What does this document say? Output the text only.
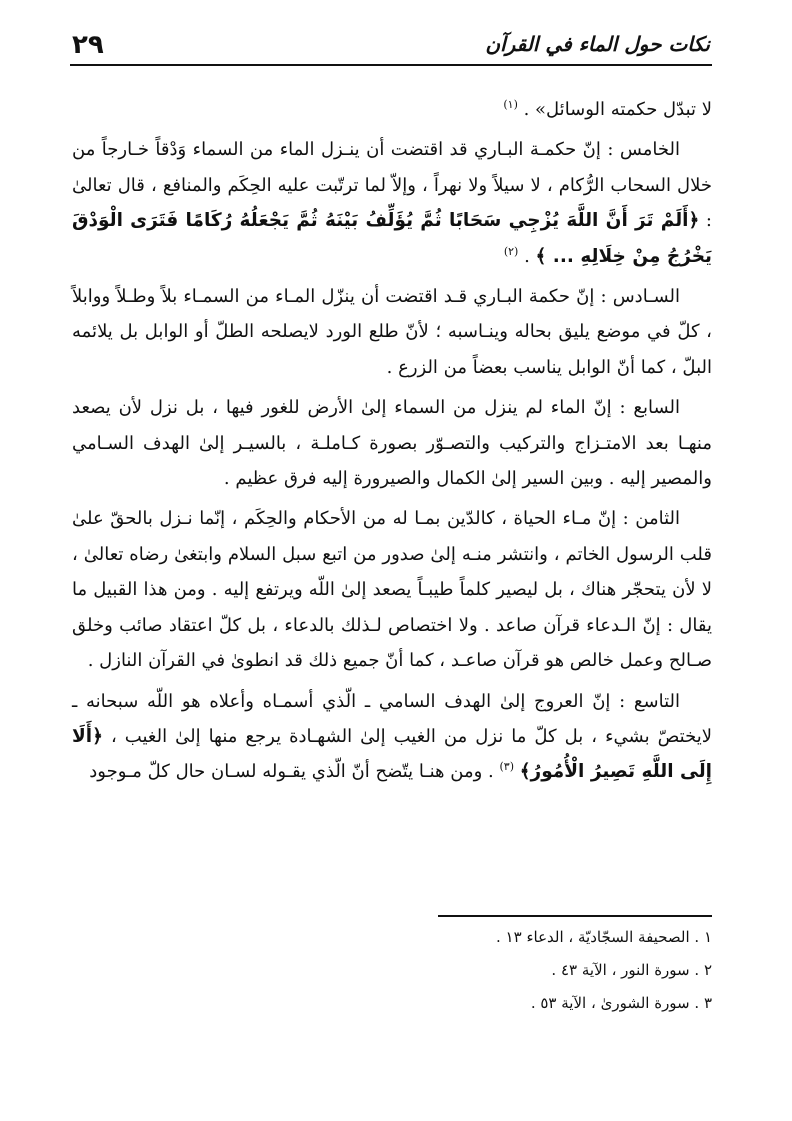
٢٩	نكات حول الماء في القرآن

لا تبدّل حكمته الوسائل» . $^{(١)}$

الخامس : إنّ حكمـة البـاري قد اقتضت أن ينـزل الماء من السماء وَدْقاً خـارجاً من خلال السحاب الرُّكام ، لا سيلاً ولا نهراً ، وإلاّ لما ترتّبت عليه الحِكَم والمنافع ، قال تعالىٰ : ﴿أَلَمْ تَرَ أَنَّ اللَّهَ يُزْجِي سَحَابًا ثُمَّ يُؤَلِّفُ بَيْنَهُ ثُمَّ يَجْعَلُهُ رُكَامًا فَتَرَى الْوَدْقَ يَخْرُجُ مِنْ خِلَالِهِ ... ﴾ . $^{(٢)}$

السـادس : إنّ حكمة البـاري قـد اقتضت أن ينزّل المـاء من السمـاء بلاً وطـلاً ووابلاً ، كلّ في موضع يليق بحاله وينـاسبه ؛ لأنّ طلع الورد لايصلحه الطلّ أو الوابل بل يلائمه البلّ ، كما أنّ الوابل يناسب بعضاً من الزرع .

السابع : إنّ الماء لم ينزل من السماء إلىٰ الأرض للغور فيها ، بل نزل لأن يصعد منهـا بعد الامتـزاج والتركيب والتصـوّر بصورة كـاملـة ، بالسيـر إلىٰ الهدف السـامي والمصير إليه . وبين السير إلىٰ الكمال والصيرورة إليه فرق عظيم .

الثامن : إنّ مـاء الحياة ، كالدّين بمـا له من الأحكام والحِكَم ، إنّما نـزل بالحقّ علىٰ قلب الرسول الخاتم ، وانتشر منـه إلىٰ صدور من اتبع سبل السلام وابتغىٰ رضاه تعالىٰ ، لا لأن يتحجّر هناك ، بل ليصير كلماً طيبـاً يصعد إلىٰ اللّه ويرتفع إليه . ومن هذا القبيل ما يقال : إنّ الـدعاء قرآن صاعد . ولا اختصاص لـذلك بالدعاء ، بل كلّ اعتقاد صائب وخلق صـالح وعمل خالص هو قرآن صاعـد ، كما أنّ جميع ذلك قد انطوىٰ في القرآن النازل .

التاسع : إنّ العروج إلىٰ الهدف السامي ـ الّذي أسمـاه وأعلاه هو اللّه سبحانه ـ لايختصّ بشيء ، بل كلّ ما نزل من الغيب إلىٰ الشهـادة يرجع منها إلىٰ الغيب ، ﴿أَلَا إِلَى اللَّهِ تَصِيرُ الْأُمُورُ﴾ $^{(٣)}$ . ومن هنـا يتّضح أنّ الّذي يقـوله لسـان حال كلّ مـوجود

١ . الصحيفة السجّاديّة ، الدعاء ١٣ .

٢ . سورة النور ، الآية ٤٣ .

٣ . سورة الشورىٰ ، الآية ٥٣ .
